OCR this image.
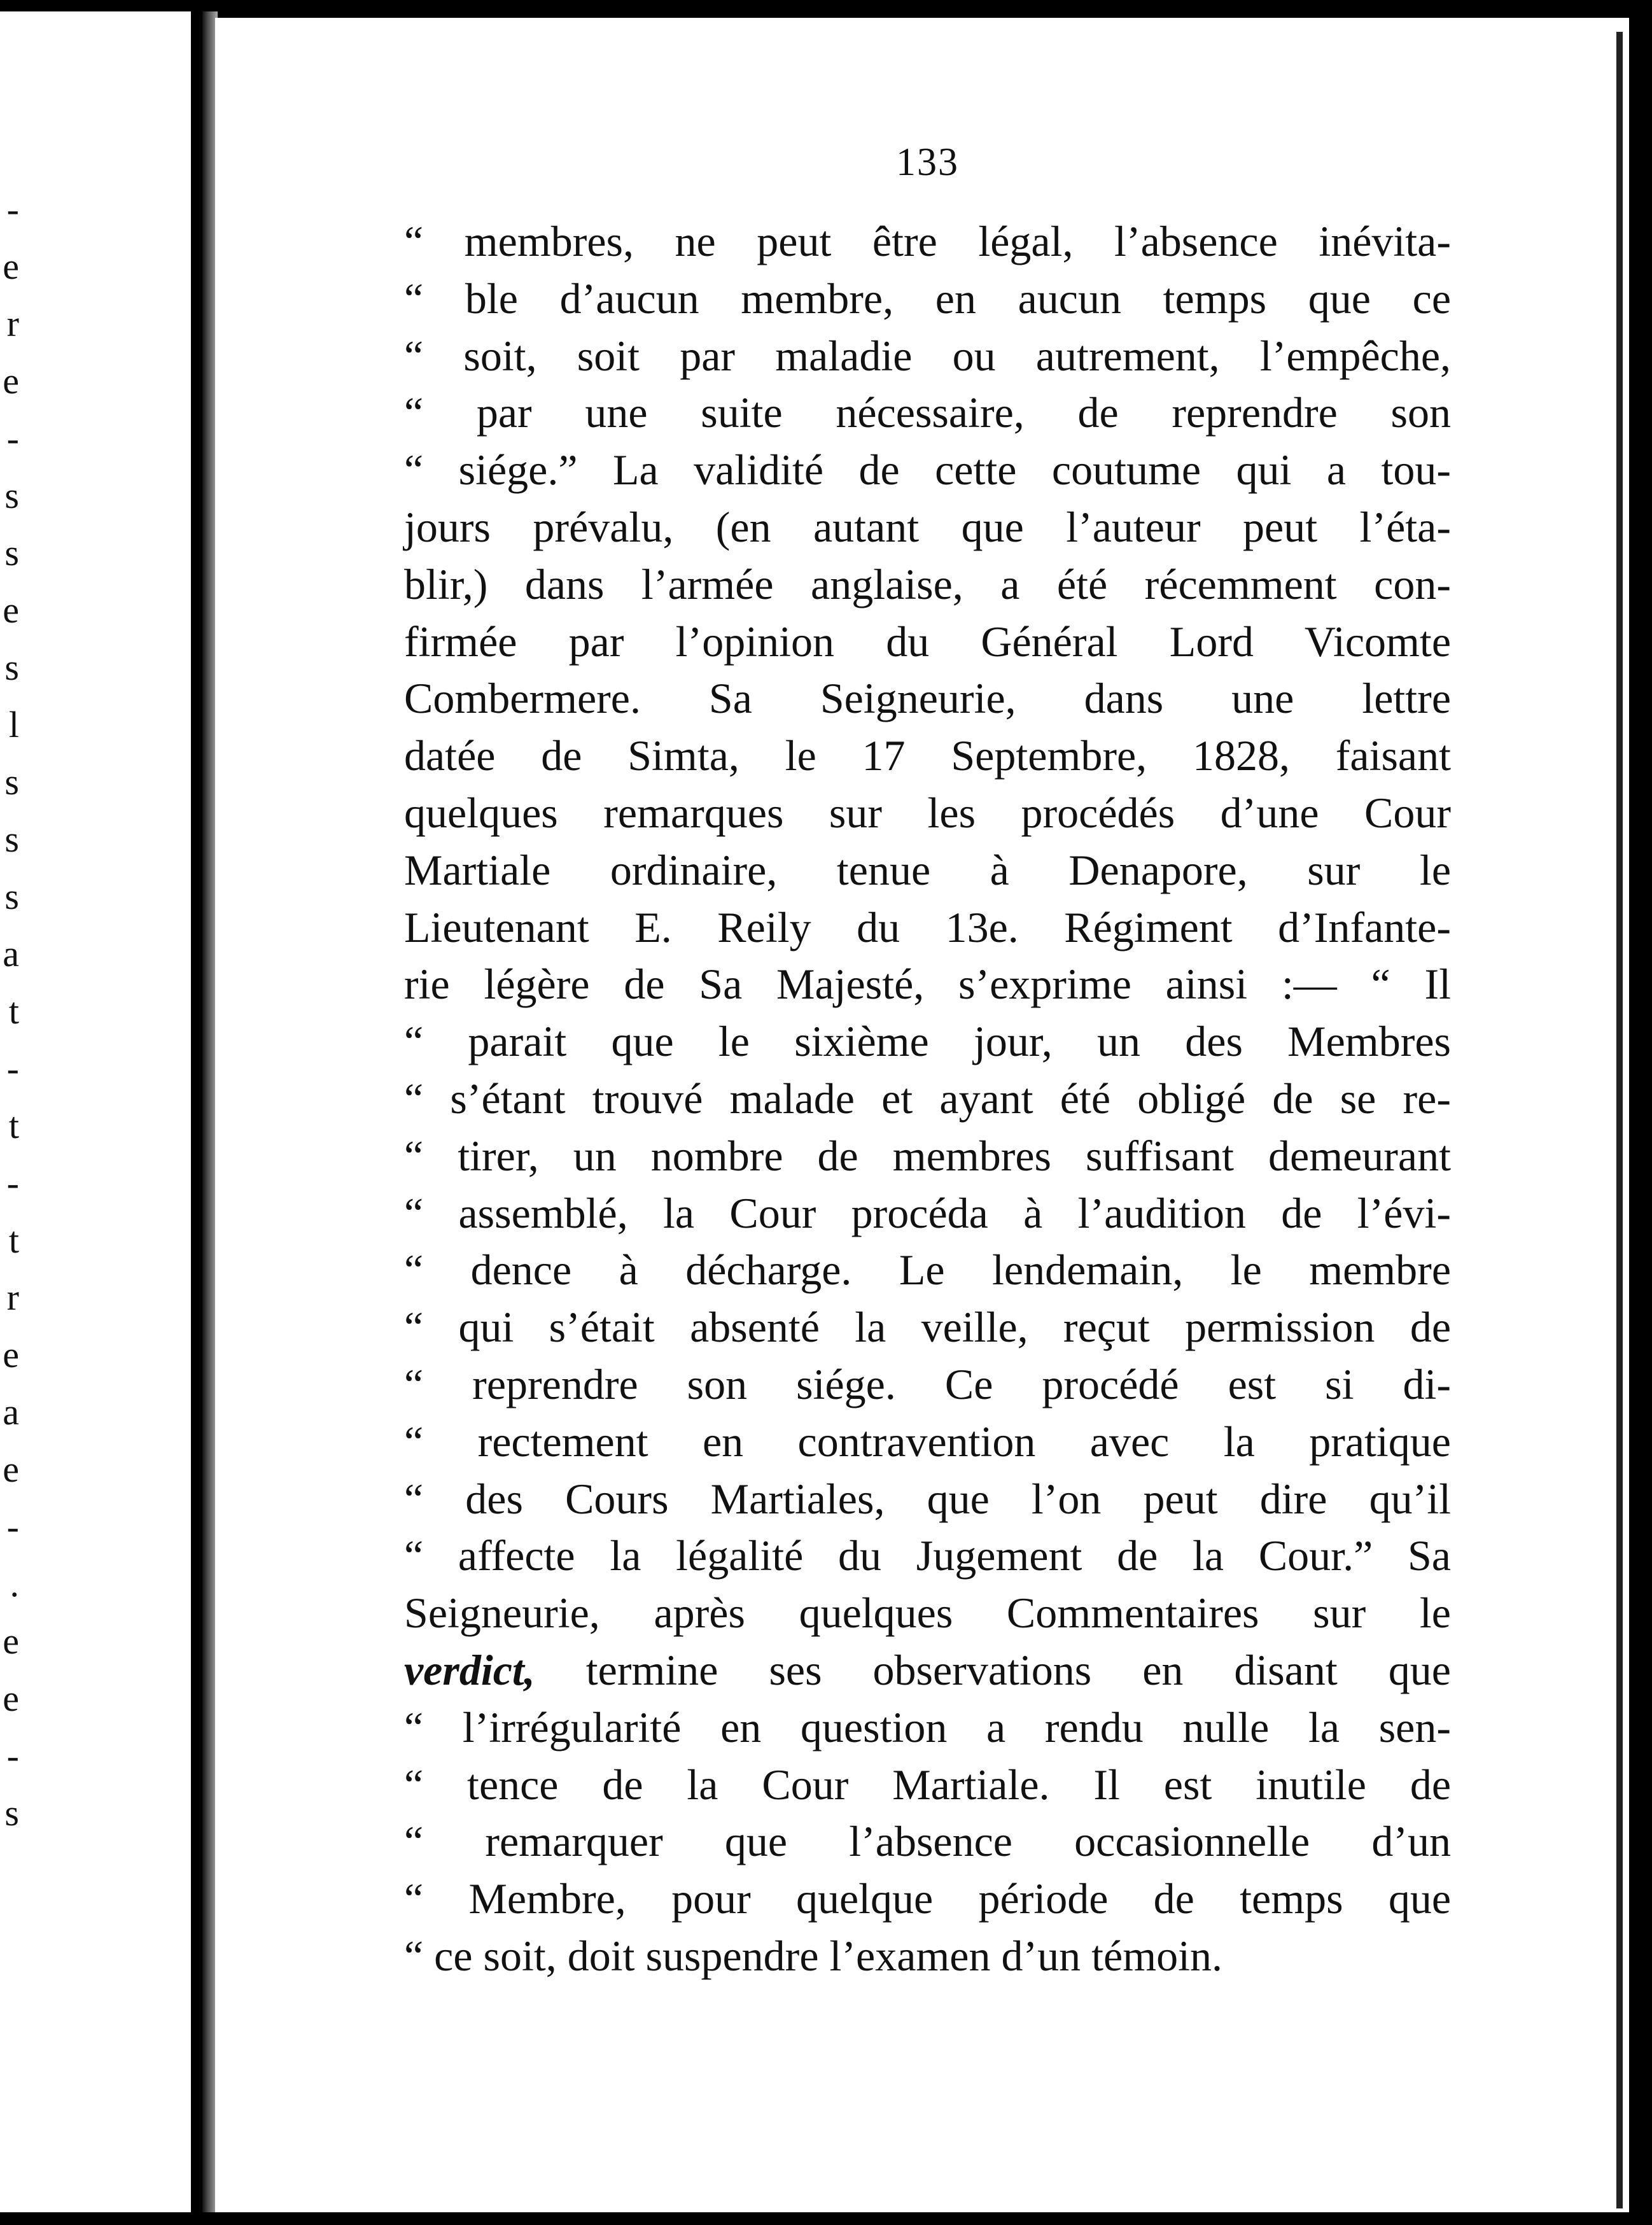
133
“ membres, ne peut être légal, l’absence inévita-
“ ble d’aucun membre, en aucun temps que ce
“ soit, soit par maladie ou autrement, l’empêche,
“ par une suite nécessaire, de reprendre son
“ siége.” La validité de cette coutume qui a tou-
jours prévalu, (en autant que l’auteur peut l’éta-
blir,) dans l’armée anglaise, a été récemment con-
firmée par l’opinion du Général Lord Vicomte
Combermere. Sa Seigneurie, dans une lettre
datée de Simta, le 17 Septembre, 1828, faisant
quelques remarques sur les procédés d’une Cour
Martiale ordinaire, tenue à Denapore, sur le
Lieutenant E. Reily du 13e. Régiment d’Infante-
rie légère de Sa Majesté, s’exprime ainsi :— “ Il
“ parait que le sixième jour, un des Membres
“ s’étant trouvé malade et ayant été obligé de se re-
“ tirer, un nombre de membres suffisant demeurant
“ assemblé, la Cour procéda à l’audition de l’évi-
“ dence à décharge. Le lendemain, le membre
“ qui s’était absenté la veille, reçut permission de
“ reprendre son siége. Ce procédé est si di-
“ rectement en contravention avec la pratique
“ des Cours Martiales, que l’on peut dire qu’il
“ affecte la légalité du Jugement de la Cour.” Sa
Seigneurie, après quelques Commentaires sur le
verdict, termine ses observations en disant que
“ l’irrégularité en question a rendu nulle la sen-
“ tence de la Cour Martiale. Il est inutile de
“ remarquer que l’absence occasionnelle d’un
“ Membre, pour quelque période de temps que
“ ce soit, doit suspendre l’examen d’un témoin.
-
e
r
e
-
s
s
e
s
l
s
s
s
a
t
-
t
-
t
r
e
a
e
-
.
e
e
-
s
